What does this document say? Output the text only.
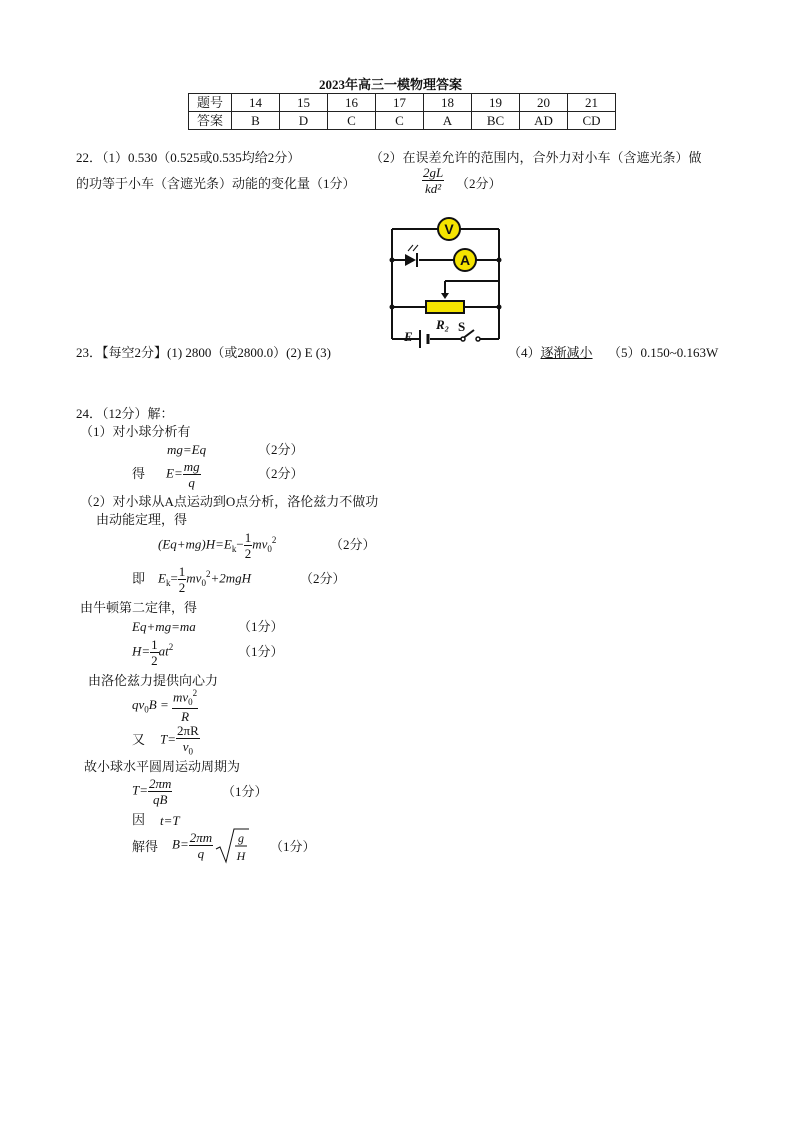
2023年高三一模物理答案
题号	14	15	16	17	18	19	20	21
答案	B	D	C	C	A	BC	AD	CD
22．（1）0.530（0.525或0.535均给2分）	（2）在误差允许的范围内，合外力对小车（含遮光条）做
的功等于小车（含遮光条）动能的变化量（1分）	$\frac{2gL}{\text{kd²}} (2$分）
V
A
R₂
E
S
23．【每空2分】(1) 2800（或2800.0）(2) E (3)	（4）逐渐减小 （5）0.150~0.163W
24．（12分）解：
（1）对小球分析有
mg=Eq	（2分）
得 $E= \frac{mg}{q}$	（2分）
（2）对小球从A点运动到O点分析，洛伦兹力不做功
由动能定理，得
$(Eq+mg)H=E_k- \frac{1}{2} mv_0^2$	（2分）
即 $E_k= \frac{1}{2} mv_0^2+2mgH$	（2分）
由牛顿第二定律，得
Eq+mg=ma	（1分）
$H= \frac{1}{2} at^2$	（1分）
由洛伦兹力提供向心力
$qv_0B = \frac{mv_0^2}{R}$
又 $T= \frac{2\pi R}{v_0}$
故小球水平圆周运动周期为
$T= \frac{2\pi m}{qB}$	（1分）
因 t=T
解得 $B= \frac{2\pi m}{q}$ g
H
（1分）
